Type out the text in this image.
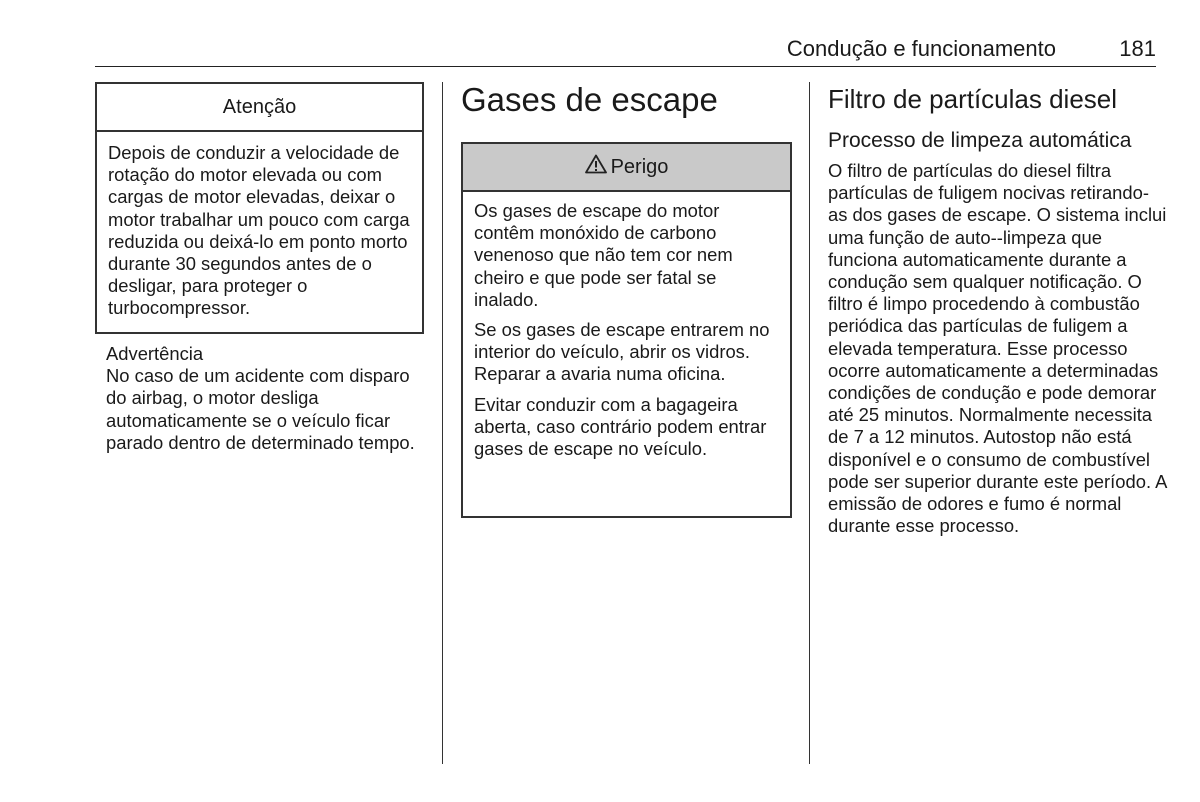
Condução e funcionamento	181
Atenção

Depois de conduzir a velocidade de rotação do motor elevada ou com cargas de motor elevadas, deixar o motor trabalhar um pouco com carga reduzida ou deixá-lo em ponto morto durante 30 segundos antes de o desligar, para proteger o turbocompressor.

Advertência
No caso de um acidente com disparo do airbag, o motor desliga automaticamente se o veículo ficar parado dentro de determinado tempo.
Gases de escape
Perigo

Os gases de escape do motor contêm monóxido de carbono venenoso que não tem cor nem cheiro e que pode ser fatal se inalado.

Se os gases de escape entrarem no interior do veículo, abrir os vidros. Reparar a avaria numa oficina.

Evitar conduzir com a bagageira aberta, caso contrário podem entrar gases de escape no veículo.

Filtro de partículas diesel
Processo de limpeza automática

O filtro de partículas do diesel filtra partículas de fuligem nocivas retirando-as dos gases de escape. O sistema inclui uma função de auto--limpeza que funciona automaticamente durante a condução sem qualquer notificação. O filtro é limpo procedendo à combustão periódica das partículas de fuligem a elevada temperatura. Esse processo ocorre automaticamente a determinadas condições de condução e pode demorar até 25 minutos. Normalmente necessita de 7 a 12 minutos. Autostop não está disponível e o consumo de combustível pode ser superior durante este período. A emissão de odores e fumo é normal durante esse processo.
